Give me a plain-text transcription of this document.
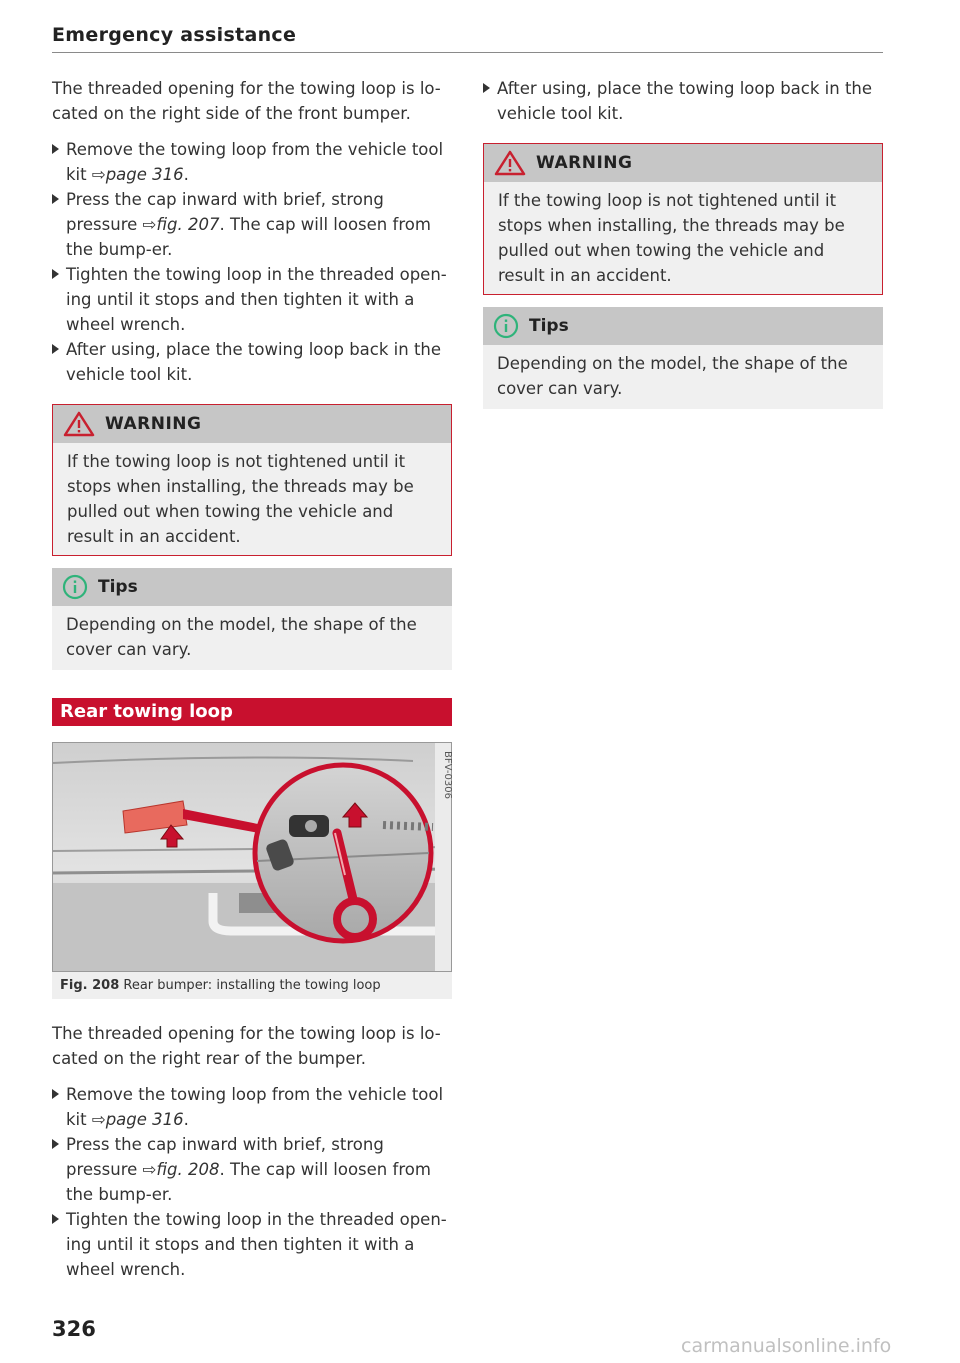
Emergency assistance

The threaded opening for the towing loop is lo-cated on the right side of the front bumper.

Remove the towing loop from the vehicle tool kit ⇨page 316.
Press the cap inward with brief, strong pressure ⇨fig. 207. The cap will loosen from the bump-er.
Tighten the towing loop in the threaded open-ing until it stops and then tighten it with a wheel wrench.
After using, place the towing loop back in the vehicle tool kit.
WARNING
If the towing loop is not tightened until it stops when installing, the threads may be pulled out when towing the vehicle and result in an accident.
Tips
Depending on the model, the shape of the cover can vary.
Rear towing loop
BFV-0306
Fig. 208 Rear bumper: installing the towing loop

The threaded opening for the towing loop is lo-cated on the right rear of the bumper.

Remove the towing loop from the vehicle tool kit ⇨page 316.
Press the cap inward with brief, strong pressure ⇨fig. 208. The cap will loosen from the bump-er.
Tighten the towing loop in the threaded open-ing until it stops and then tighten it with a wheel wrench.
After using, place the towing loop back in the vehicle tool kit.
WARNING
If the towing loop is not tightened until it stops when installing, the threads may be pulled out when towing the vehicle and result in an accident.
Tips
Depending on the model, the shape of the cover can vary.
326
carmanualsonline.info
